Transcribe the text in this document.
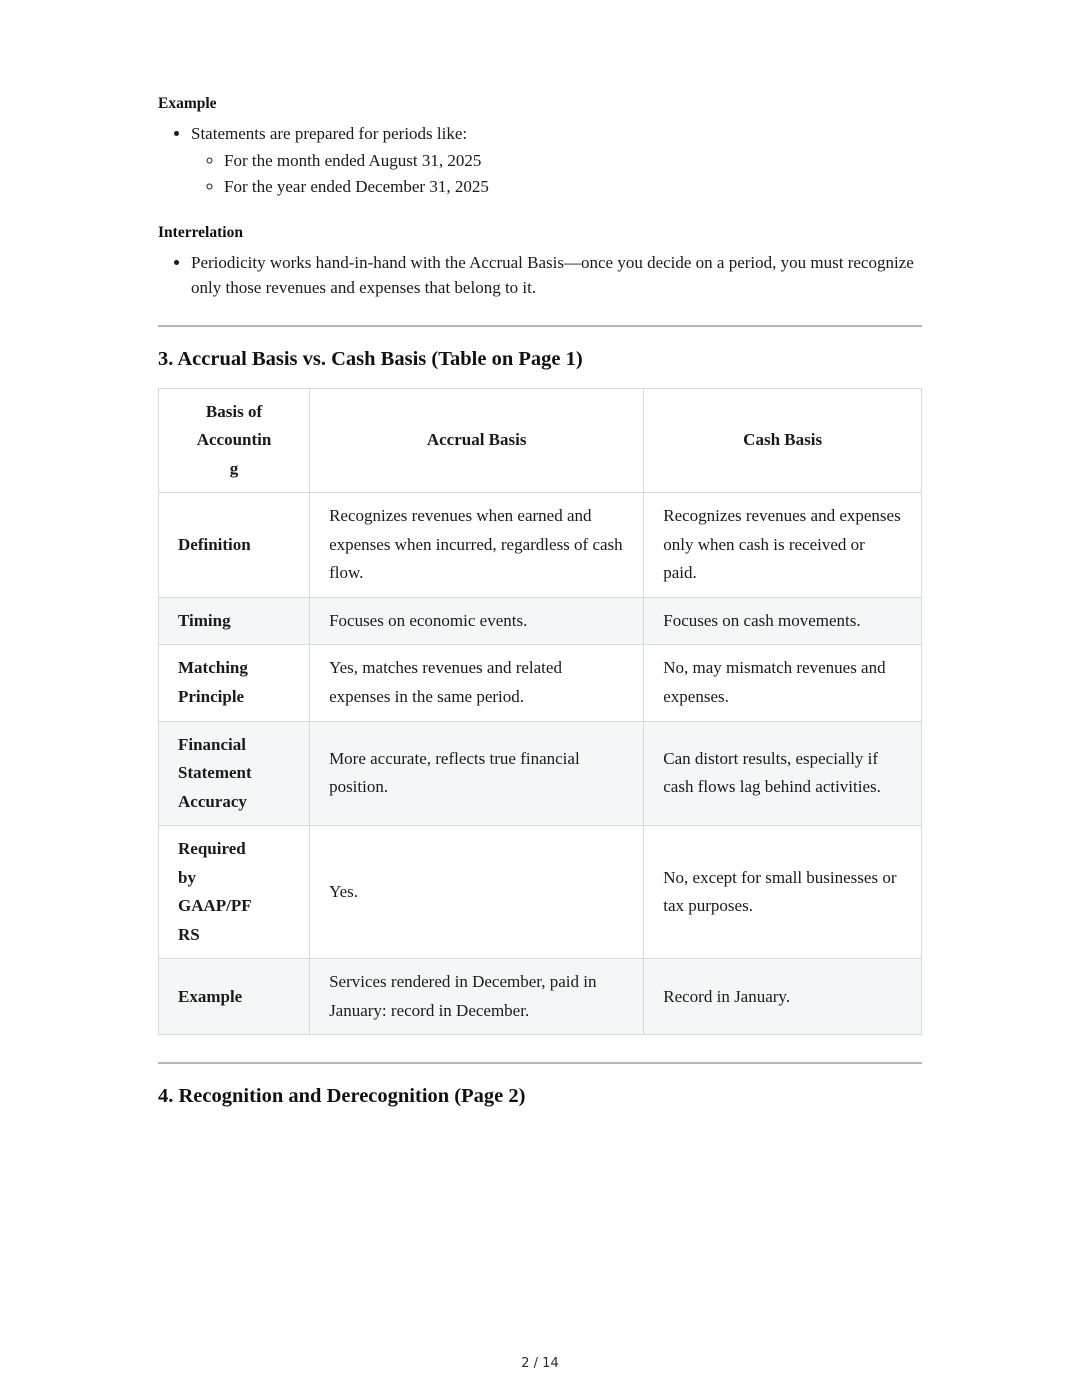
Example
• Statements are prepared for periods like:
◦ For the month ended August 31, 2025
◦ For the year ended December 31, 2025
Interrelation
• Periodicity works hand-in-hand with the Accrual Basis—once you decide on a period, you must recognize only those revenues and expenses that belong to it.
3. Accrual Basis vs. Cash Basis (Table on Page 1)
Basis of Accounting	Accrual Basis	Cash Basis
Definition	Recognizes revenues when earned and expenses when incurred, regardless of cash flow.	Recognizes revenues and expenses only when cash is received or paid.
Timing	Focuses on economic events.	Focuses on cash movements.
Matching Principle	Yes, matches revenues and related expenses in the same period.	No, may mismatch revenues and expenses.
Financial Statement Accuracy	More accurate, reflects true financial position.	Can distort results, especially if cash flows lag behind activities.
Required by GAAP/PFRS	Yes.	No, except for small businesses or tax purposes.
Example	Services rendered in December, paid in January: record in December.	Record in January.
4. Recognition and Derecognition (Page 2)
2 / 14
